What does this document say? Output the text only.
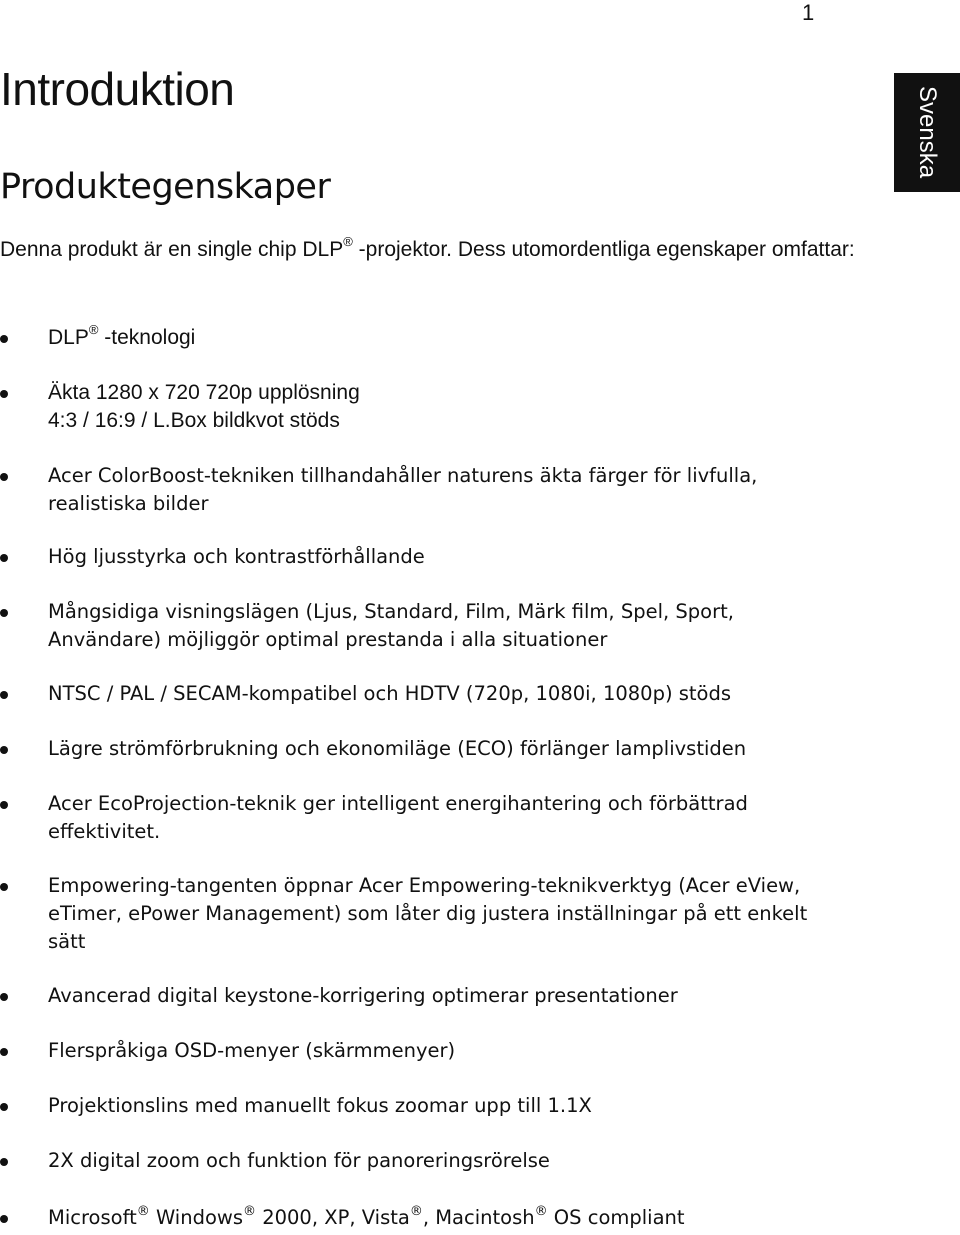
1
Svenska
Introduktion
Produktegenskaper

Denna produkt är en single chip DLP® -projektor. Dess utomordentliga egenskaper omfattar:

DLP® -teknologi
Äkta 1280 x 720 720p upplösning
4:3 / 16:9 / L.Box bildkvot stöds
Acer ColorBoost-tekniken tillhandahåller naturens äkta färger för livfulla, realistiska bilder
Hög ljusstyrka och kontrastförhållande
Mångsidiga visningslägen (Ljus, Standard, Film, Märk film, Spel, Sport, Användare) möjliggör optimal prestanda i alla situationer
NTSC / PAL / SECAM-kompatibel och HDTV (720p, 1080i, 1080p) stöds
Lägre strömförbrukning och ekonomiläge (ECO) förlänger lamplivstiden
Acer EcoProjection-teknik ger intelligent energihantering och förbättrad effektivitet.
Empowering-tangenten öppnar Acer Empowering-teknikverktyg (Acer eView, eTimer, ePower Management) som låter dig justera inställningar på ett enkelt sätt
Avancerad digital keystone-korrigering optimerar presentationer
Flerspråkiga OSD-menyer (skärmmenyer)
Projektionslins med manuellt fokus zoomar upp till 1.1X
2X digital zoom och funktion för panoreringsrörelse
Microsoft® Windows® 2000, XP, Vista®, Macintosh® OS compliant
